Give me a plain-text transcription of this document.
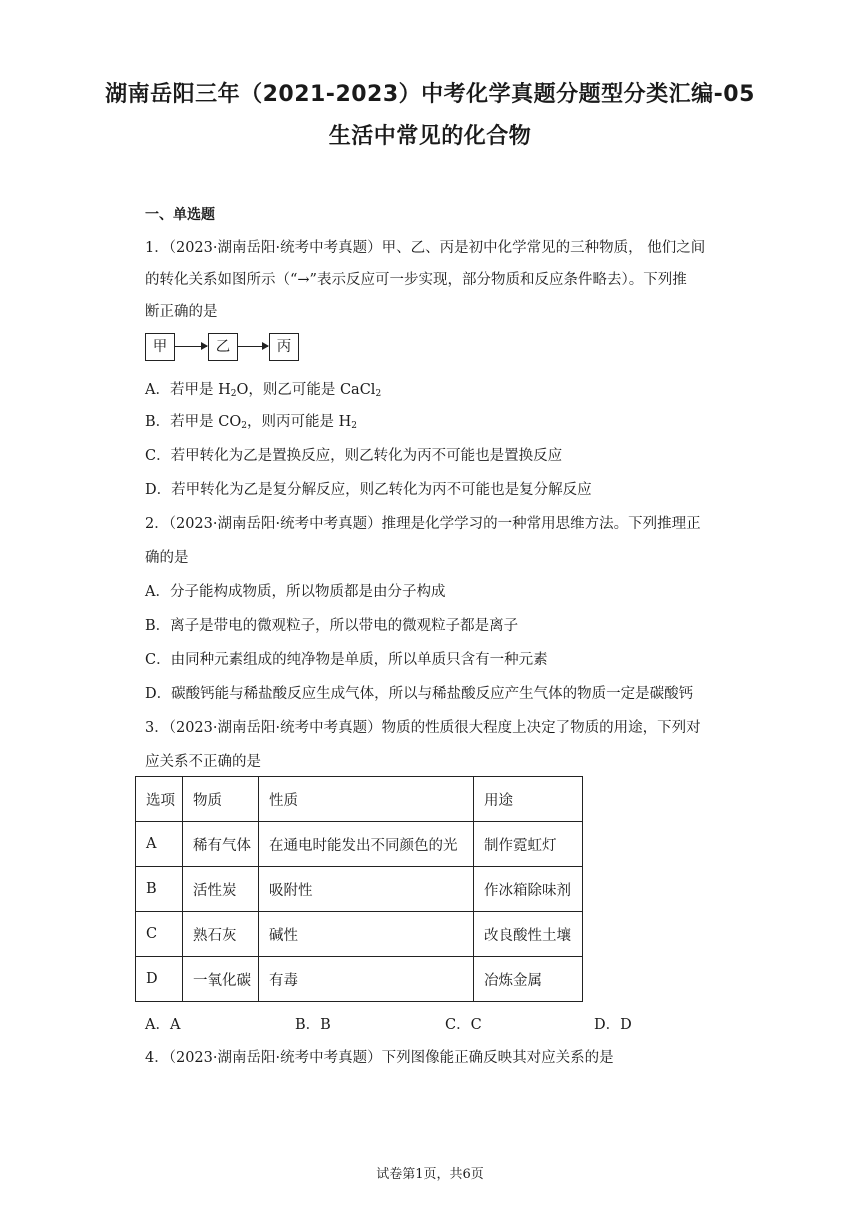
湖南岳阳三年（2021-2023）中考化学真题分题型分类汇编-05
生活中常见的化合物
一、单选题
1．（2023·湖南岳阳·统考中考真题）甲、乙、丙是初中化学常见的三种物质， 他们之间
的转化关系如图所示（“→”表示反应可一步实现，部分物质和反应条件略去）。下列推
断正确的是
甲	乙	丙
A．若甲是 $H_2O$，则乙可能是 CaCl$_2$
B．若甲是 $CO_2$，则丙可能是 $H_2$
C．若甲转化为乙是置换反应，则乙转化为丙不可能也是置换反应
D．若甲转化为乙是复分解反应，则乙转化为丙不可能也是复分解反应
2．（2023·湖南岳阳·统考中考真题）推理是化学学习的一种常用思维方法。下列推理正
确的是
A．分子能构成物质，所以物质都是由分子构成
B．离子是带电的微观粒子，所以带电的微观粒子都是离子
C．由同种元素组成的纯净物是单质，所以单质只含有一种元素
D．碳酸钙能与稀盐酸反应生成气体，所以与稀盐酸反应产生气体的物质一定是碳酸钙
3．（2023·湖南岳阳·统考中考真题）物质的性质很大程度上决定了物质的用途，下列对
应关系不正确的是
选项	物质	性质	用途
A	稀有气体	在通电时能发出不同颜色的光	制作霓虹灯
B	活性炭	吸附性	作冰箱除味剂
C	熟石灰	碱性	改良酸性土壤
D	一氧化碳	有毒	冶炼金属
A．A	B．B	C．C	D．D
4．（2023·湖南岳阳·统考中考真题）下列图像能正确反映其对应关系的是
试卷第1页，共6页
